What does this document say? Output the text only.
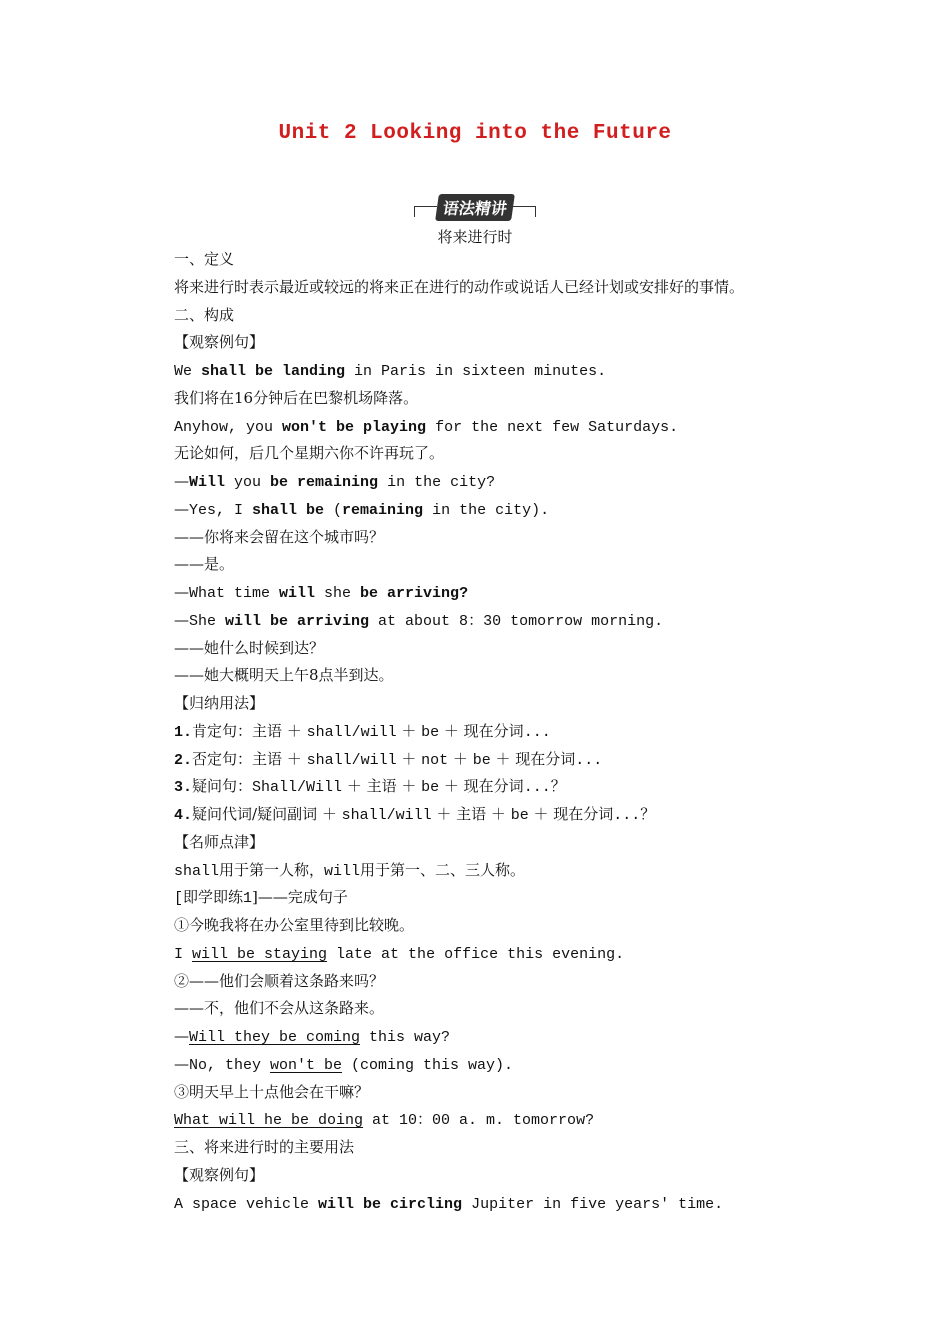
Unit 2 Looking into the Future
语法精讲
将来进行时
一、定义
将来进行时表示最近或较远的将来正在进行的动作或说话人已经计划或安排好的事情。
二、构成
【观察例句】
We shall be landing in Paris in sixteen minutes.
我们将在16分钟后在巴黎机场降落。
Anyhow, you won't be playing for the next few Saturdays.
无论如何，后几个星期六你不许再玩了。
—Will you be remaining in the city?
—Yes, I shall be (remaining in the city).
——你将来会留在这个城市吗？
——是。
—What time will she be arriving?
—She will be arriving at about 8：30 tomorrow morning.
——她什么时候到达？
——她大概明天上午8点半到达。
【归纳用法】
1.肯定句：主语 ＋ shall/will ＋ be ＋ 现在分词...
2.否定句：主语 ＋ shall/will ＋ not ＋ be ＋ 现在分词...
3.疑问句：Shall/Will ＋ 主语 ＋ be ＋ 现在分词...？
4.疑问代词/疑问副词 ＋ shall/will ＋ 主语 ＋ be ＋ 现在分词...？
【名师点津】
shall用于第一人称，will用于第一、二、三人称。
[即学即练1]——完成句子
①今晚我将在办公室里待到比较晚。
I will be staying late at the office this evening.
②——他们会顺着这条路来吗？
——不，他们不会从这条路来。
—Will they be coming this way?
—No, they won't be (coming this way).
③明天早上十点他会在干嘛？
What will he be doing at 10：00 a. m. tomorrow?
三、将来进行时的主要用法
【观察例句】
A space vehicle will be circling Jupiter in five years' time.
